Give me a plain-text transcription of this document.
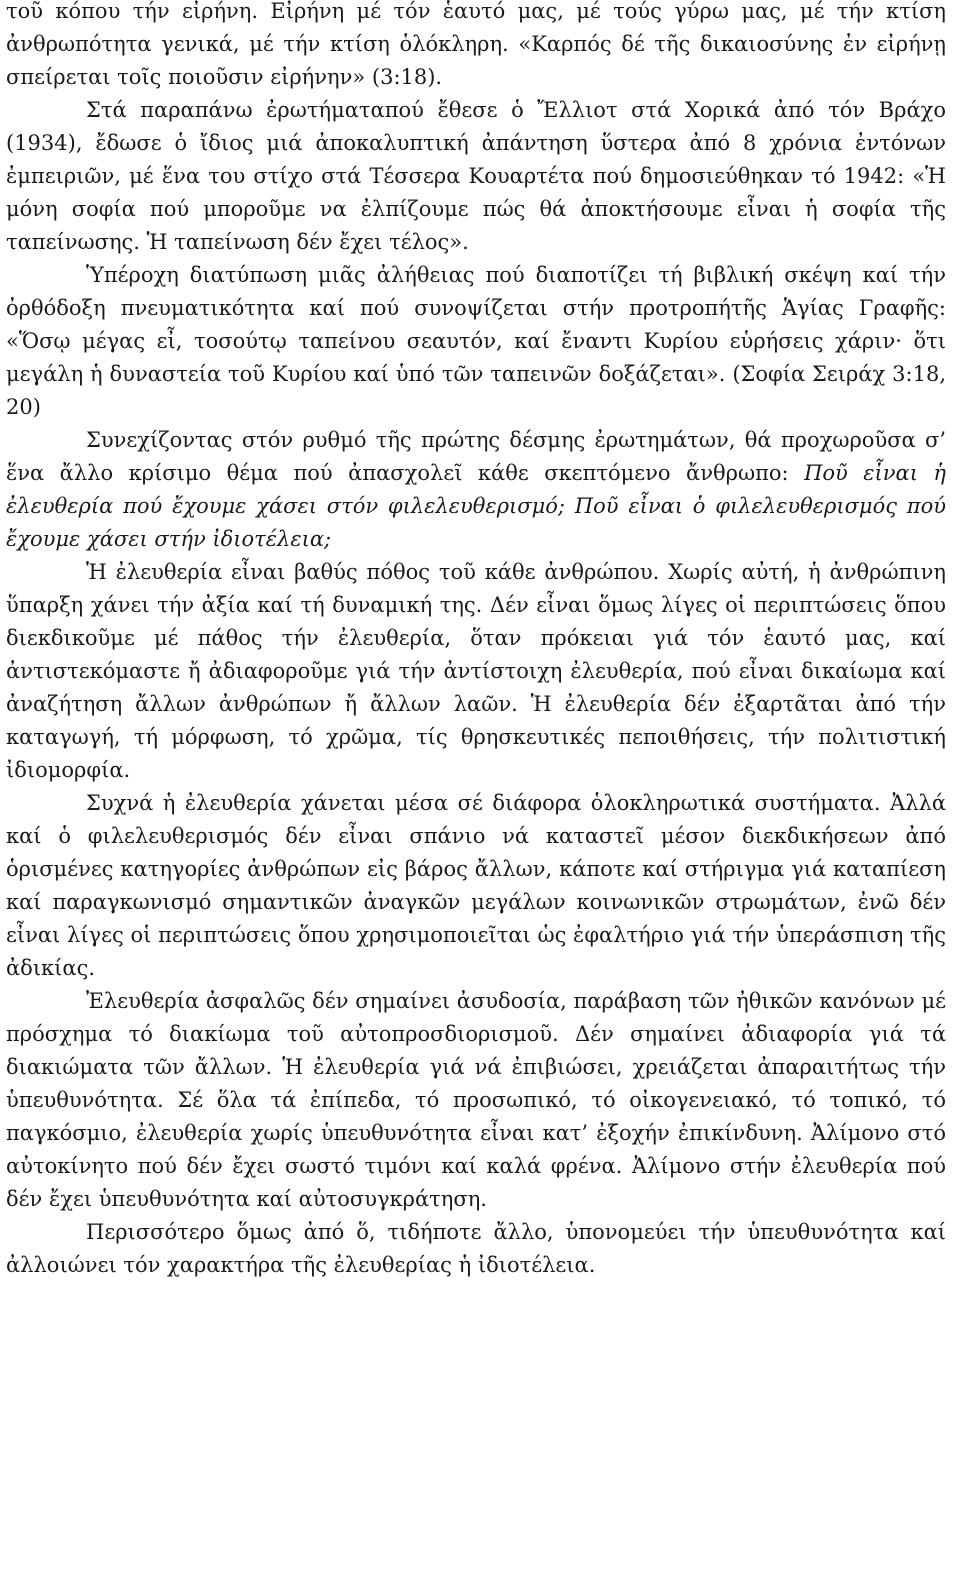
τοῦ κόπου τήν εἰρήνη. Εἰρήνη μέ τόν ἑαυτό μας, μέ τούς γύρω μας, μέ τήν κτίση ἀνθρωπότητα γενικά, μέ τήν κτίση ὁλόκληρη. «Καρπός δέ τῆς δικαιοσύνης ἐν εἰρήνῃ σπείρεται τοῖς ποιοῦσιν εἰρήνην» (3:18).

Στά παραπάνω ἐρωτήματαπού ἔθεσε ὁ Ἔλλιοτ στά Χορικά ἀπό τόν Βράχο (1934), ἔδωσε ὁ ἴδιος μιά ἀποκαλυπτική ἀπάντηση ὕστερα ἀπό 8 χρόνια ἐντόνων ἐμπειριῶν, μέ ἕνα του στίχο στά Τέσσερα Κουαρτέτα πού δημοσιεύθηκαν τό 1942: «Ἡ μόνη σοφία πού μποροῦμε να ἐλπίζουμε πώς θά ἀποκτήσουμε εἶναι ἡ σοφία τῆς ταπείνωσης. Ἡ ταπείνωση δέν ἔχει τέλος».

Ὑπέροχη διατύπωση μιᾶς ἀλήθειας πού διαποτίζει τή βιβλική σκέψη καί τήν ὀρθόδοξη πνευματικότητα καί πού συνοψίζεται στήν προτροπήτῆς Ἁγίας Γραφῆς: «Ὅσῳ μέγας εἶ, τοσούτῳ ταπείνου σεαυτόν, καί ἔναντι Κυρίου εὑρήσεις χάριν· ὅτι μεγάλη ἡ δυναστεία τοῦ Κυρίου καί ὑπό τῶν ταπεινῶν δοξάζεται». (Σοφία Σειράχ 3:18, 20)

Συνεχίζοντας στόν ρυθμό τῆς πρώτης δέσμης ἐρωτημάτων, θά προχωροῦσα σ’ ἕνα ἄλλο κρίσιμο θέμα πού ἀπασχολεῖ κάθε σκεπτόμενο ἄνθρωπο: Ποῦ εἶναι ἡ ἐλευθερία πού ἔχουμε χάσει στόν φιλελευθερισμό; Ποῦ εἶναι ὁ φιλελευθερισμός πού ἔχουμε χάσει στήν ἰδιοτέλεια;

Ἡ ἐλευθερία εἶναι βαθύς πόθος τοῦ κάθε ἀνθρώπου. Χωρίς αὐτή, ἡ ἀνθρώπινη ὕπαρξη χάνει τήν ἀξία καί τή δυναμική της. Δέν εἶναι ὅμως λίγες οἱ περιπτώσεις ὅπου διεκδικοῦμε μέ πάθος τήν ἐλευθερία, ὅταν πρόκειαι γιά τόν ἑαυτό μας, καί ἀντιστεκόμαστε ἤ ἀδιαφοροῦμε γιά τήν ἀντίστοιχη ἐλευθερία, πού εἶναι δικαίωμα καί ἀναζήτηση ἄλλων ἀνθρώπων ἤ ἄλλων λαῶν. Ἡ ἐλευθερία δέν ἐξαρτᾶται ἀπό τήν καταγωγή, τή μόρφωση, τό χρῶμα, τίς θρησκευτικές πεποιθήσεις, τήν πολιτιστική ἰδιομορφία.

Συχνά ἡ ἐλευθερία χάνεται μέσα σέ διάφορα ὁλοκληρωτικά συστήματα. Ἀλλά καί ὁ φιλελευθερισμός δέν εἶναι σπάνιο νά καταστεῖ μέσον διεκδικήσεων ἀπό ὁρισμένες κατηγορίες ἀνθρώπων εἰς βάρος ἄλλων, κάποτε καί στήριγμα γιά καταπίεση καί παραγκωνισμό σημαντικῶν ἀναγκῶν μεγάλων κοινωνικῶν στρωμάτων, ἐνῶ δέν εἶναι λίγες οἱ περιπτώσεις ὅπου χρησιμοποιεῖται ὡς ἐφαλτήριο γιά τήν ὑπεράσπιση τῆς ἀδικίας.

Ἐλευθερία ἀσφαλῶς δέν σημαίνει ἀσυδοσία, παράβαση τῶν ἠθικῶν κανόνων μέ πρόσχημα τό διακίωμα τοῦ αὐτοπροσδιορισμοῦ. Δέν σημαίνει ἀδιαφορία γιά τά διακιώματα τῶν ἄλλων. Ἡ ἐλευθερία γιά νά ἐπιβιώσει, χρειάζεται ἀπαραιτήτως τήν ὑπευθυνότητα. Σέ ὅλα τά ἐπίπεδα, τό προσωπικό, τό οἰκογενειακό, τό τοπικό, τό παγκόσμιο, ἐλευθερία χωρίς ὑπευθυνότητα εἶναι κατ’ ἐξοχήν ἐπικίνδυνη. Ἀλίμονο στό αὐτοκίνητο πού δέν ἔχει σωστό τιμόνι καί καλά φρένα. Ἀλίμονο στήν ἐλευθερία πού δέν ἔχει ὑπευθυνότητα καί αὐτοσυγκράτηση.

Περισσότερο ὅμως ἀπό ὅ, τιδήποτε ἄλλο, ὑπονομεύει τήν ὑπευθυνότητα καί ἀλλοιώνει τόν χαρακτήρα τῆς ἐλευθερίας ἡ ἰδιοτέλεια.
